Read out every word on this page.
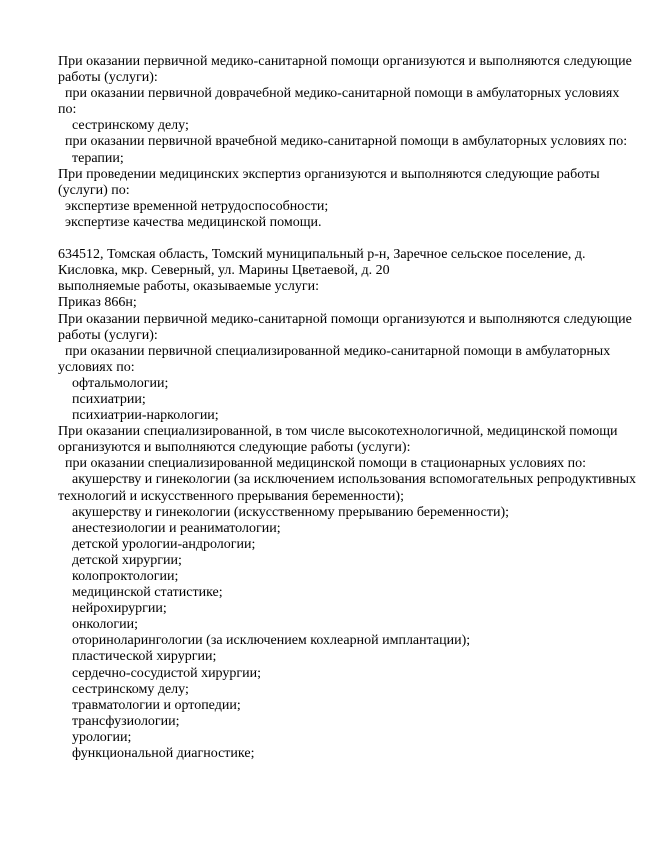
При оказании первичной медико-санитарной помощи организуются и выполняются следующие
работы (услуги):
при оказании первичной доврачебной медико-санитарной помощи в амбулаторных условиях
по:
сестринскому делу;
при оказании первичной врачебной медико-санитарной помощи в амбулаторных условиях по:
терапии;
При проведении медицинских экспертиз организуются и выполняются следующие работы
(услуги) по:
экспертизе временной нетрудоспособности;
экспертизе качества медицинской помощи.

634512, Томская область, Томский муниципальный р-н, Заречное сельское поселение, д.
Кисловка, мкр. Северный, ул. Марины Цветаевой, д. 20
выполняемые работы, оказываемые услуги:
Приказ 866н;
При оказании первичной медико-санитарной помощи организуются и выполняются следующие
работы (услуги):
при оказании первичной специализированной медико-санитарной помощи в амбулаторных
условиях по:
офтальмологии;
психиатрии;
психиатрии-наркологии;
При оказании специализированной, в том числе высокотехнологичной, медицинской помощи
организуются и выполняются следующие работы (услуги):
при оказании специализированной медицинской помощи в стационарных условиях по:
акушерству и гинекологии (за исключением использования вспомогательных репродуктивных
технологий и искусственного прерывания беременности);
акушерству и гинекологии (искусственному прерыванию беременности);
анестезиологии и реаниматологии;
детской урологии-андрологии;
детской хирургии;
колопроктологии;
медицинской статистике;
нейрохирургии;
онкологии;
оториноларингологии (за исключением кохлеарной имплантации);
пластической хирургии;
сердечно-сосудистой хирургии;
сестринскому делу;
травматологии и ортопедии;
трансфузиологии;
урологии;
функциональной диагностике;
